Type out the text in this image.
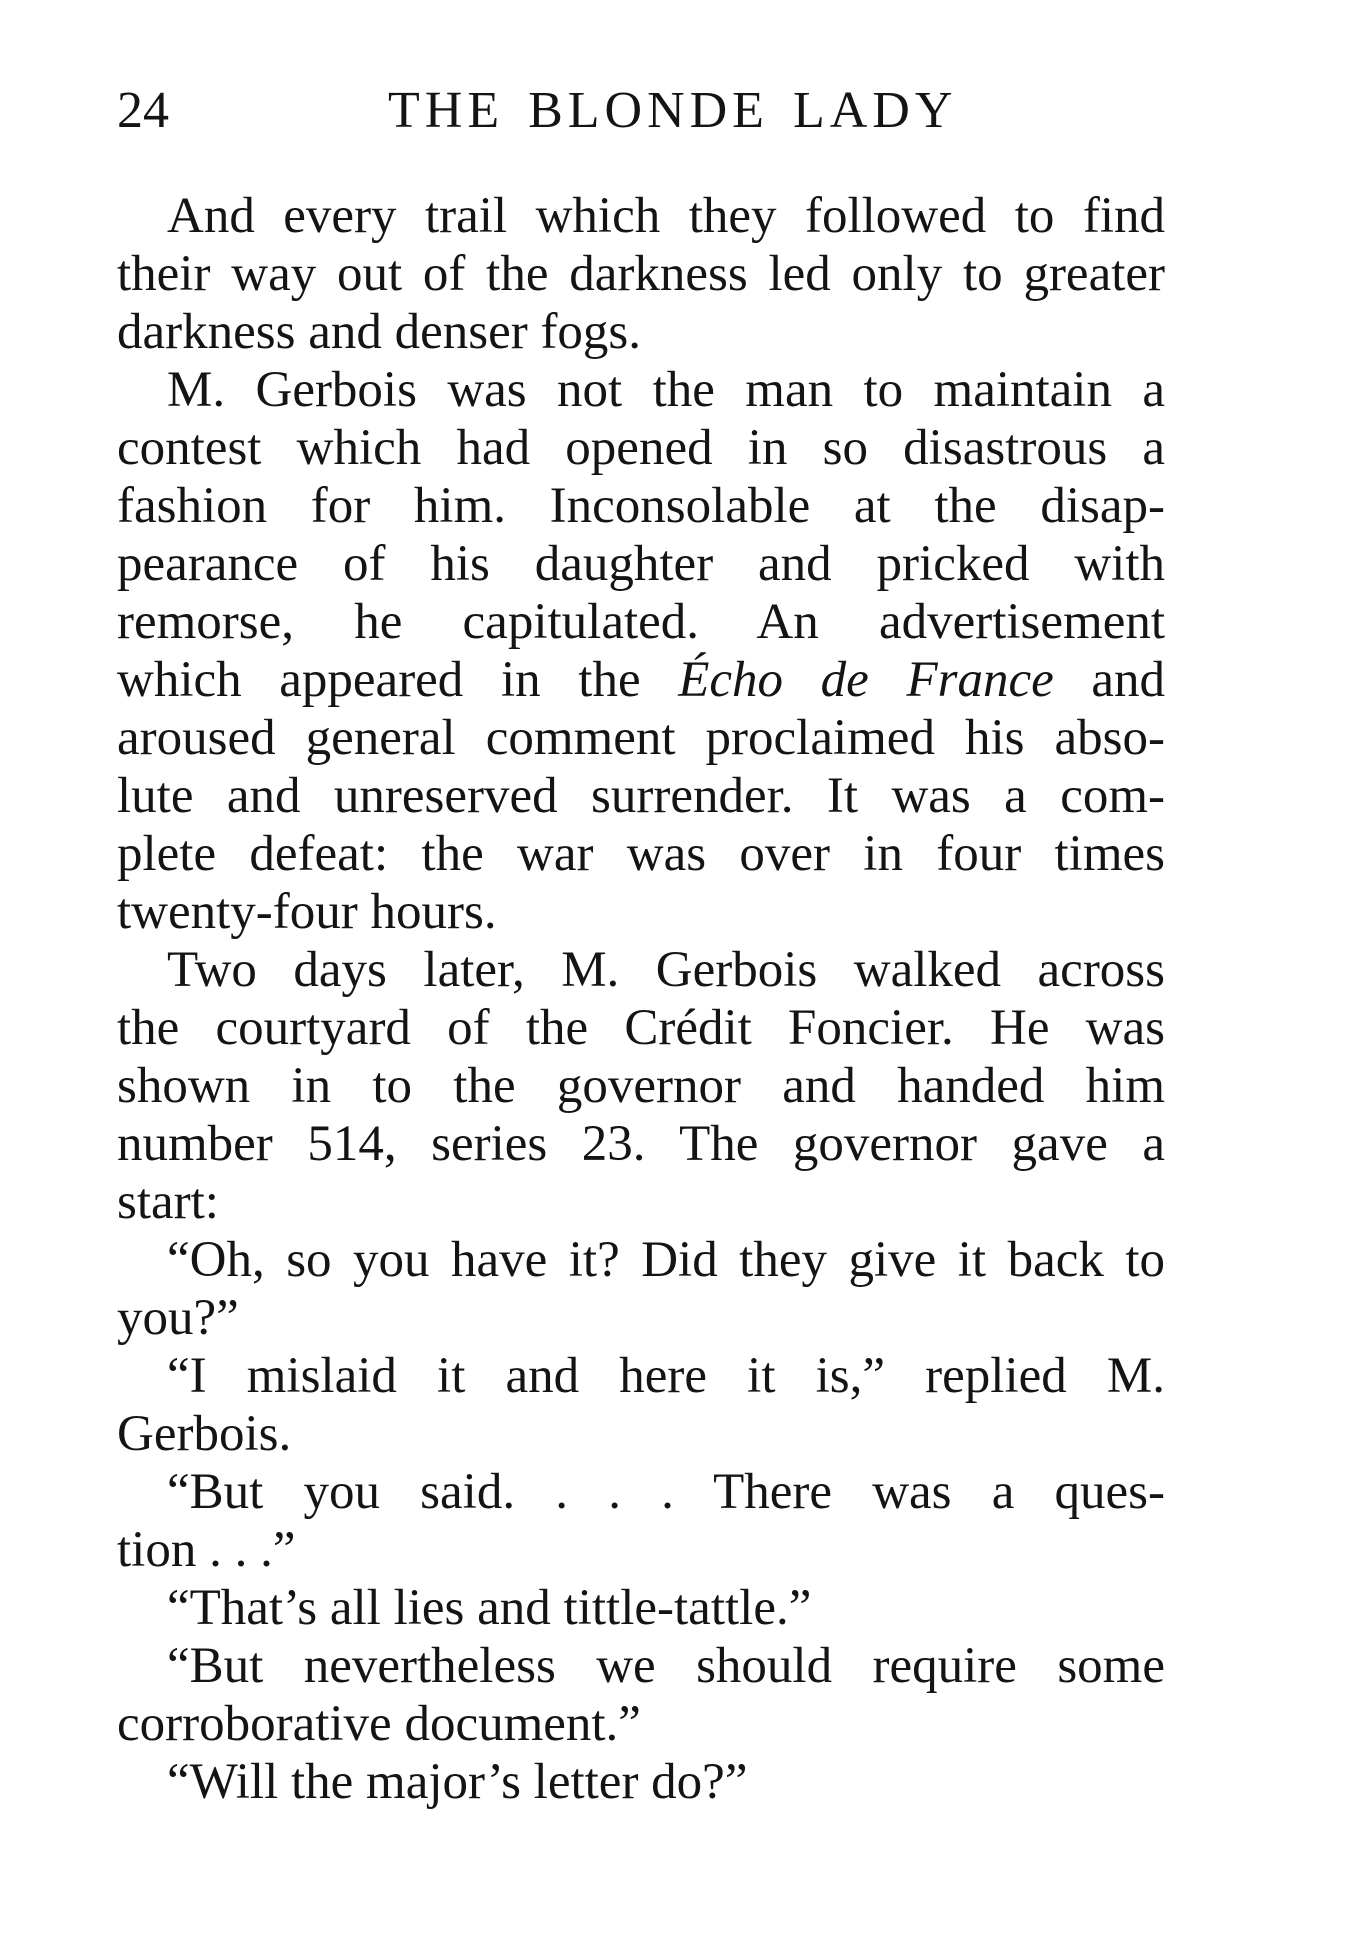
24	THE BLONDE LADY
And every trail which they followed to find
their way out of the darkness led only to greater
darkness and denser fogs.
M. Gerbois was not the man to maintain a
contest which had opened in so disastrous a
fashion for him. Inconsolable at the disap-
pearance of his daughter and pricked with
remorse, he capitulated. An advertisement
which appeared in the Écho de France and
aroused general comment proclaimed his abso-
lute and unreserved surrender. It was a com-
plete defeat: the war was over in four times
twenty-four hours.
Two days later, M. Gerbois walked across
the courtyard of the Crédit Foncier. He was
shown in to the governor and handed him
number 514, series 23. The governor gave a
start:
“Oh, so you have it? Did they give it back to
you?”
“I mislaid it and here it is,” replied M.
Gerbois.
“But you said. . . . There was a ques-
tion . . .”
“That’s all lies and tittle-tattle.”
“But nevertheless we should require some
corroborative document.”
“Will the major’s letter do?”
